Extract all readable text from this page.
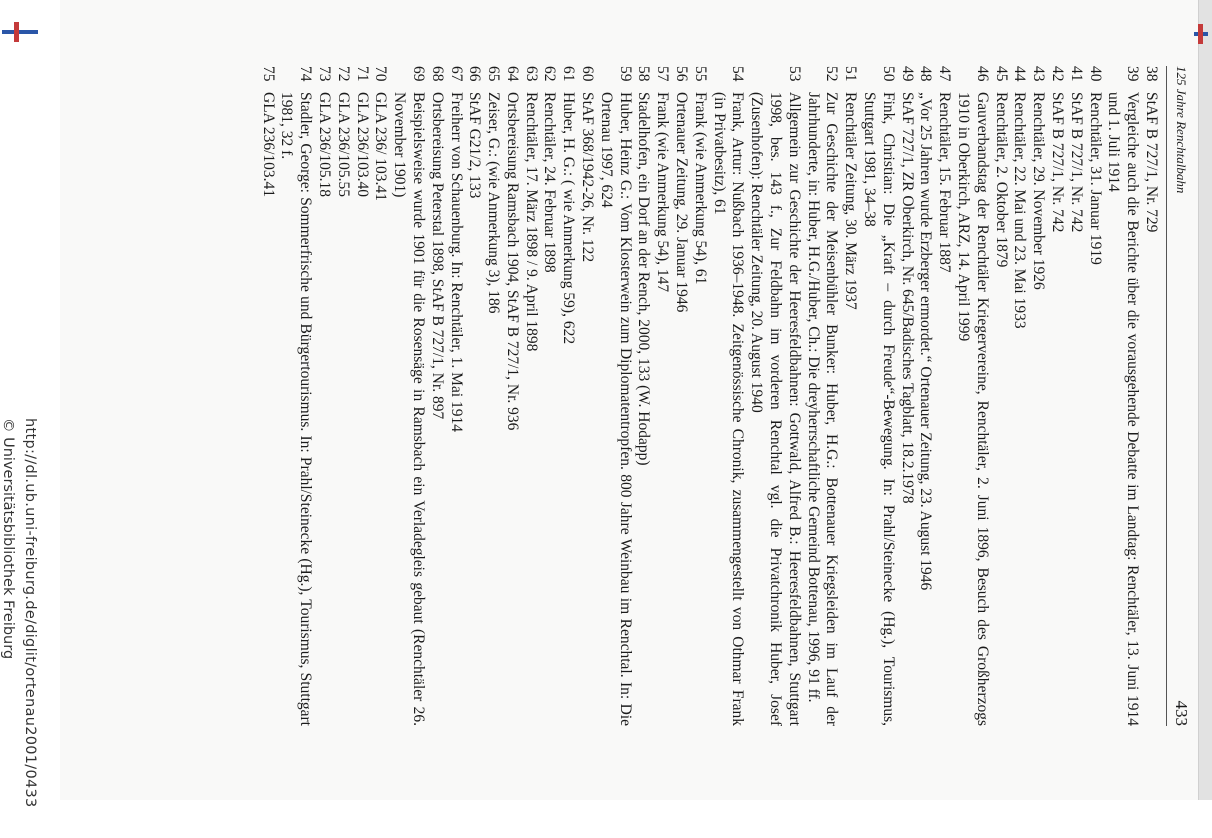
125 Jahre Renchtalbahn
433
38
StAF B 727/1, Nr. 729
39
Vergleiche auch die Berichte über die vorausgehende Debatte im Landtag: Renchtäler, 13. Juni 1914 und 1. Juli 1914
40
Renchtäler, 31. Januar 1919
41
StAF B 727/1, Nr. 742
42
StAF B 727/1, Nr. 742
43
Renchtäler, 29. November 1926
44
Renchtäler, 22. Mai und 23. Mai 1933
45
Renchtäler, 2. Oktober 1879
46
Gauverbandstag der Renchtäler Kriegervereine, Renchtäler, 2. Juni 1896, Besuch des Großherzogs 1910 in Oberkirch, ARZ, 14. April 1999
47
Renchtäler, 15. Februar 1887
48
„Vor 25 Jahren wurde Erzberger ermordet.“ Ortenauer Zeitung, 23. August 1946
49
StAF 727/1, ZR Oberkirch, Nr. 645/Badisches Tagblatt, 18.2.1978
50
Fink, Christian: Die „Kraft – durch Freude“-Bewegung. In: Prahl/Steinecke (Hg.), Tourismus, Stuttgart 1981, 34–38
51
Renchtäler Zeitung, 30. März 1937
52
Zur Geschichte der Meisenbühler Bunker: Huber, H.G.: Bottenauer Kriegsleiden im Lauf der Jahrhunderte, in: Huber, H.G./Huber, Ch.: Die dreyherrschaftliche Gemeind Bottenau, 1996, 91 ff.
53
Allgemein zur Geschichte der Heeresfeldbahnen: Gottwald, Alfred B.: Heeresfeldbahnen, Stuttgart 1998, bes. 143 f., Zur Feldbahn im vorderen Renchtal vgl. die Privatchronik Huber, Josef (Zusenhofen): Renchtäler Zeitung, 20. August 1940
54
Frank, Artur: Nußbach 1936–1948. Zeitgenössische Chronik, zusammengestellt von Othmar Frank (in Privatbesitz), 61
55
Frank (wie Anmerkung 54), 61
56
Ortenauer Zeitung, 29. Januar 1946
57
Frank (wie Anmerkung 54), 147
58
Stadelhofen, ein Dorf an der Rench, 2000, 133 (W. Hodapp)
59
Huber, Heinz G.: Vom Klosterwein zum Diplomatentropfen. 800 Jahre Weinbau im Renchtal. In: Die Ortenau 1997, 624
60
StAF 368/1942-26, Nr. 122
61
Huber, H. G.: ( wie Anmerkung 59), 622
62
Renchtäler, 24. Februar 1898
63
Renchtäler, 17. März 1898 / 9. April 1898
64
Ortsbereisung Ramsbach 1904, StAF B 727/1, Nr. 936
65
Zeiser, G.: (wie Anmerkung 3), 186
66
StAF G21/2, 133
67
Freiherr von Schauenburg. In: Renchtäler, 1. Mai 1914
68
Ortsbereisung Peterstal 1898, StAF B 727/1, Nr. 897
69
Beispielsweise wurde 1901 für die Rosensäge in Ramsbach ein Verladegleis gebaut (Renchtäler 26. November 1901)
70
GLA 236/ 103.41
71
GLA 236/103.40
72
GLA 236/105.55
73
GLA 236/105.18
74
Stadler, George: Sommerfrische und Bürgertourismus. In: Prahl/Steinecke (Hg.), Tourismus, Stuttgart 1981, 32 f.
75
GLA 236/103.41
http://dl.ub.uni-freiburg.de/diglit/ortenau2001/0433
© Universitätsbibliothek Freiburg
